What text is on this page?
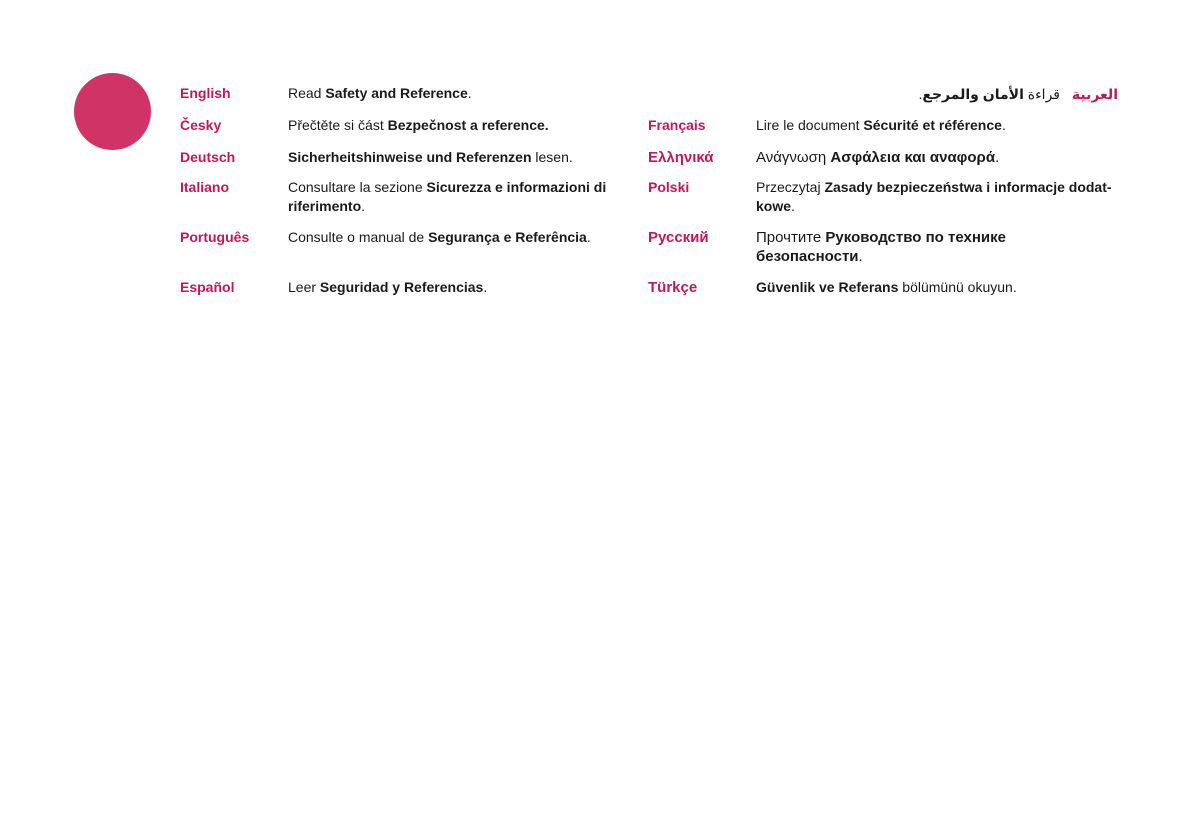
English	Read Safety and Reference.
Česky	Přečtěte si část Bezpečnost a reference.
Deutsch	Sicherheitshinweise und Referenzen lesen.
Italiano	Consultare la sezione Sicurezza e informazioni di riferimento.
Português	Consulte o manual de Segurança e Referência.
Español	Leer Seguridad y Referencias.
قراءة الأمان والمرجع.	العربية
Français	Lire le document Sécurité et référence.
Ελληνικά	Ανάγνωση Ασφάλεια και αναφορά.
Polski	Przeczytaj Zasady bezpieczeństwa i informacje dodat-kowe.
Русский	Прочтите Руководство по технике безопасности.
Türkçe	Güvenlik ve Referans bölümünü okuyun.
